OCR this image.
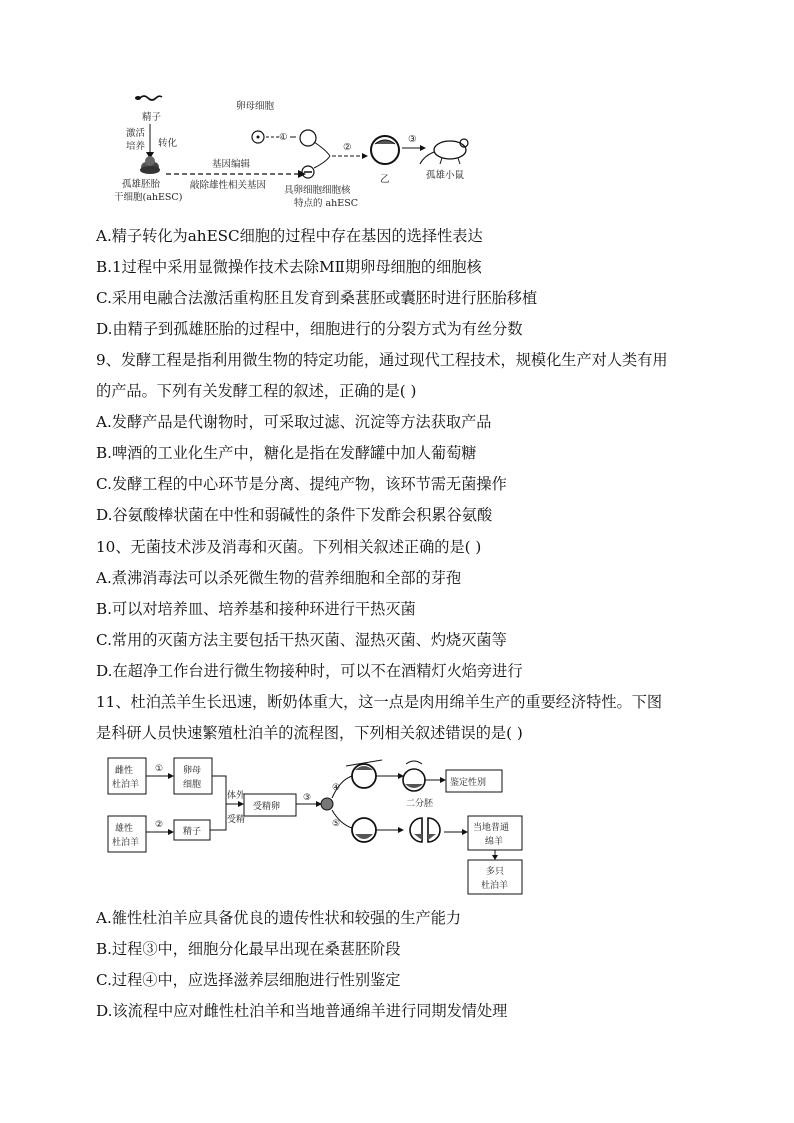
精子
激活
培养 转化
孤雄胚胎
干细胞(ahESC)
基因编辑
敲除雄性相关基因
卵母细胞
①
具卵细胞细胞核
特点的 ahESC
②
乙
③
孤雄小鼠
A.精子转化为ahESC细胞的过程中存在基因的选择性表达
B.1过程中采用显微操作技术去除MⅡ期卵母细胞的细胞核
C.采用电融合法激活重构胚且发育到桑葚胚或囊胚时进行胚胎移植
D.由精子到孤雄胚胎的过程中，细胞进行的分裂方式为有丝分数
9、发酵工程是指利用微生物的特定功能，通过现代工程技术，规模化生产对人类有用
的产品。下列有关发酵工程的叙述，正确的是( )
A.发酵产品是代谢物时，可采取过滤、沉淀等方法获取产品
B.啤酒的工业化生产中，糖化是指在发酵罐中加人葡萄糖
C.发酵工程的中心环节是分离、提纯产物，该环节需无菌操作
D.谷氨酸棒状菌在中性和弱碱性的条件下发酢会积累谷氨酸
10、无菌技术涉及消毒和灭菌。下列相关叙述正确的是( )
A.煮沸消毒法可以杀死微生物的营养细胞和全部的芽孢
B.可以对培养皿、培养基和接种环进行干热灭菌
C.常用的灭菌方法主要包括干热灭菌、湿热灭菌、灼烧灭菌等
D.在超净工作台进行微生物接种时，可以不在酒精灯火焰旁进行
11、杜泊羔羊生长迅速，断奶体重大，这一点是肉用绵羊生产的重要经济特性。下图
是科研人员快速繁殖杜泊羊的流程图，下列相关叙述错误的是( )
雌性
杜泊羊
雄性
杜泊羊
①
②
卵母
细胞
精子
体外
受精
受精卵
③
④
⑤
鉴定性别
二分胚
当地普通
绵羊
多只
杜泊羊
A.雒性杜泊羊应具备优良的遗传性状和较强的生产能力
B.过程③中，细胞分化最早出现在桑葚胚阶段
C.过程④中，应选择滋养层细胞进行性别鉴定
D.该流程中应对雌性杜泊羊和当地普通绵羊进行同期发情处理
